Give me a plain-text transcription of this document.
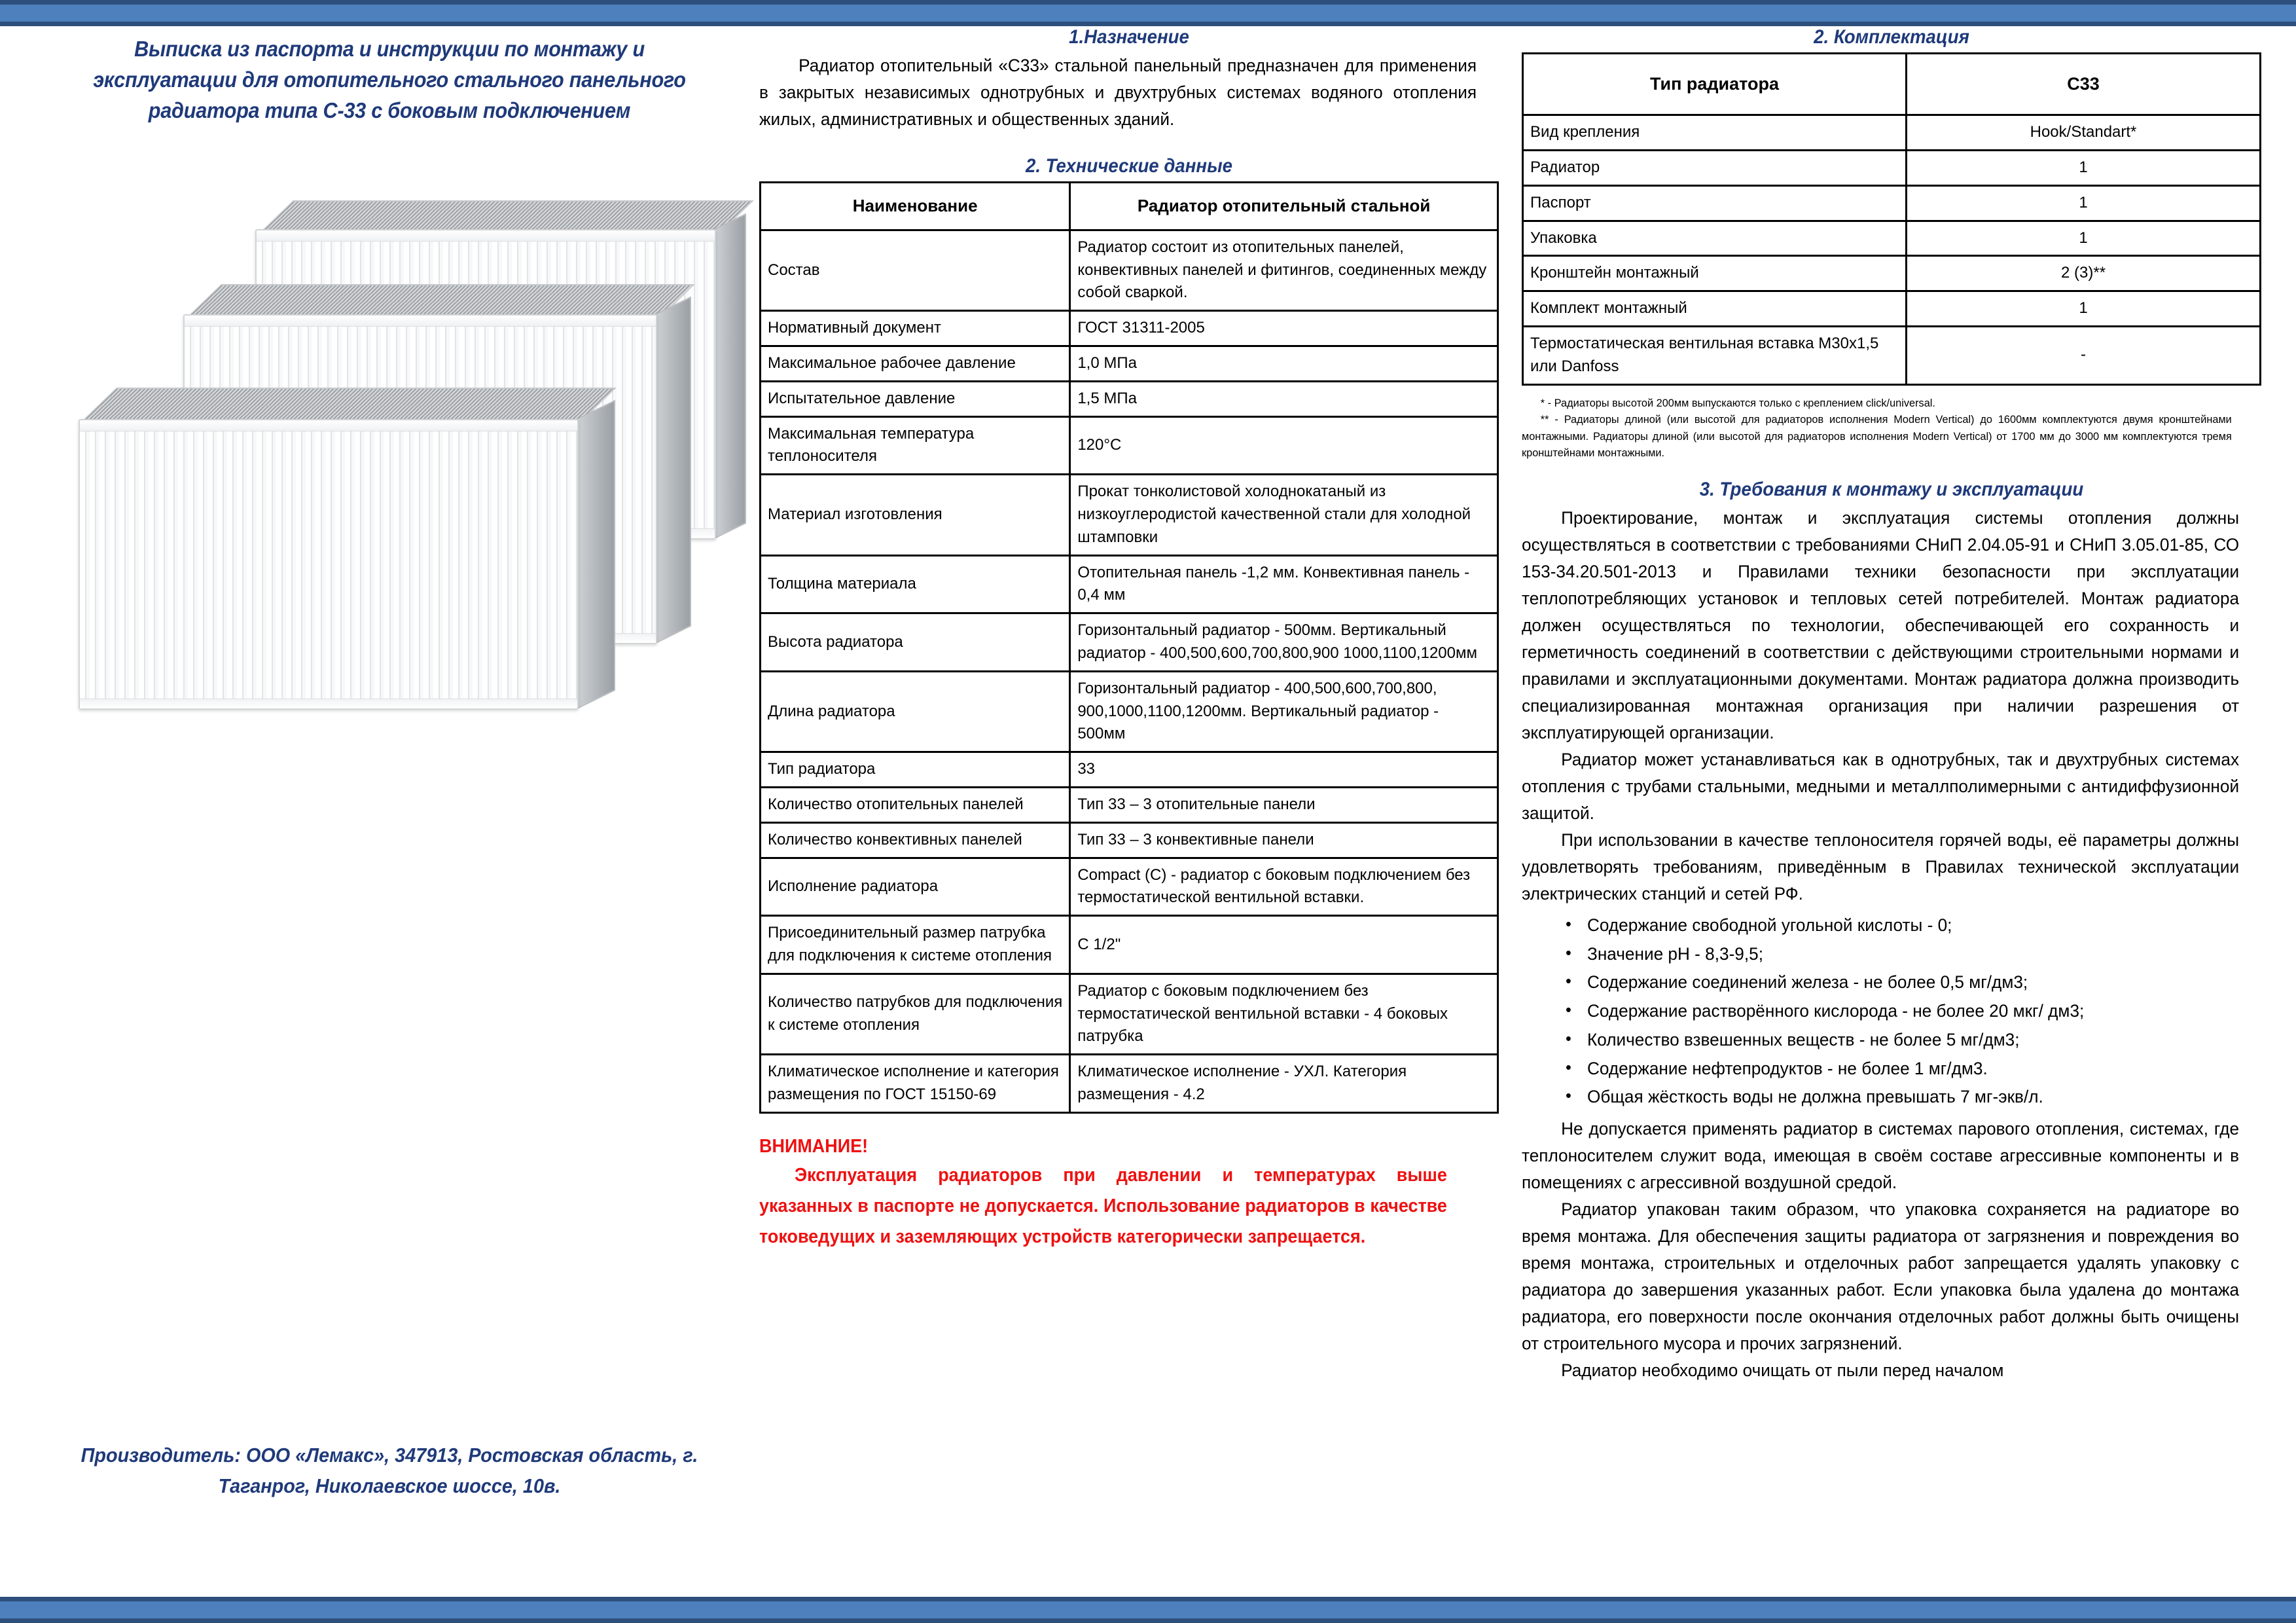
Выписка из паспорта и инструкции по монтажу и эксплуатации для отопительного стального панельного радиатора типа С-33 с боковым подключением
Производитель: ООО «Лемакс», 347913, Ростовская область, г. Таганрог, Николаевское шоссе, 10в.
1.Назначение

Радиатор отопительный «С33» стальной панельный предназначен для применения в закрытых независимых однотрубных и двухтрубных системах водяного отопления жилых, административных и общественных зданий.

2. Технические данные
Наименование	Радиатор отопительный стальной
Состав	Радиатор состоит из отопительных панелей, конвективных панелей и фитингов, соединенных между собой сваркой.
Нормативный документ	ГОСТ 31311-2005
Максимальное рабочее давление	1,0 МПа
Испытательное давление	1,5 МПа
Максимальная температура теплоносителя	120°С
Материал изготовления	Прокат тонколистовой холоднокатаный из низкоуглеродистой качественной стали для холодной штамповки
Толщина материала	Отопительная панель -1,2 мм. Конвективная панель - 0,4 мм
Высота радиатора	Горизонтальный радиатор - 500мм. Вертикальный радиатор - 400,500,600,700,800,900 1000,1100,1200мм
Длина радиатора	Горизонтальный радиатор - 400,500,600,700,800, 900,1000,1100,1200мм. Вертикальный радиатор - 500мм
Тип радиатора	33
Количество отопительных панелей	Тип 33 – 3 отопительные панели
Количество конвективных панелей	Тип 33 – 3 конвективные панели
Исполнение радиатора	Compact (C) - радиатор с боковым подключением без термостатической вентильной вставки.
Присоединительный размер патрубка для подключения к системе отопления	С 1/2"
Количество патрубков для подключения к системе отопления	Радиатор с боковым подключением без термостатической вентильной вставки - 4 боковых патрубка
Климатическое исполнение и категория размещения по ГОСТ 15150-69	Климатическое исполнение - УХЛ. Категория размещения - 4.2

ВНИМАНИЕ!

Эксплуатация радиаторов при давлении и температурах выше указанных в паспорте не допускается. Использование радиаторов в качестве токоведущих и заземляющих устройств категорически запрещается.

2. Комплектация
Тип радиатора	С33
Вид крепления	Hook/Standart*
Радиатор	1
Паспорт	1
Упаковка	1
Кронштейн монтажный	2 (3)**
Комплект монтажный	1
Термостатическая вентильная вставка М30х1,5 или Danfoss	-

* - Радиаторы высотой 200мм выпускаются только с креплением click/universal.

** - Радиаторы длиной (или высотой для радиаторов исполнения Modern Vertical) до 1600мм комплектуются двумя кронштейнами монтажными. Радиаторы длиной (или высотой для радиаторов исполнения Modern Vertical) от 1700 мм до 3000 мм комплектуются тремя кронштейнами монтажными.

3. Требования к монтажу и эксплуатации

Проектирование, монтаж и эксплуатация системы отопления должны осуществляться в соответствии с требованиями СНиП 2.04.05-91 и СНиП 3.05.01-85, СО 153-34.20.501-2013 и Правилами техники безопасности при эксплуатации теплопотребляющих установок и тепловых сетей потребителей. Монтаж радиатора должен осуществляться по технологии, обеспечивающей его сохранность и герметичность соединений в соответствии с действующими строительными нормами и правилами и эксплуатационными документами. Монтаж радиатора должна производить специализированная монтажная организация при наличии разрешения от эксплуатирующей организации.

Радиатор может устанавливаться как в однотрубных, так и двухтрубных системах отопления с трубами стальными, медными и металлполимерными с антидиффузионной защитой.

При использовании в качестве теплоносителя горячей воды, её параметры должны удовлетворять требованиям, приведённым в Правилах технической эксплуатации электрических станций и сетей РФ.

• Содержание свободной угольной кислоты - 0;
• Значение рН - 8,3-9,5;
• Содержание соединений железа - не более 0,5 мг/дм3;
• Содержание растворённого кислорода - не более 20 мкг/ дм3;
• Количество взвешенных веществ - не более 5 мг/дм3;
• Содержание нефтепродуктов - не более 1 мг/дм3.
• Общая жёсткость воды не должна превышать 7 мг-экв/л.

Не допускается применять радиатор в системах парового отопления, системах, где теплоносителем служит вода, имеющая в своём составе агрессивные компоненты и в помещениях с агрессивной воздушной средой.

Радиатор упакован таким образом, что упаковка сохраняется на радиаторе во время монтажа. Для обеспечения защиты радиатора от загрязнения и повреждения во время монтажа, строительных и отделочных работ запрещается удалять упаковку с радиатора до завершения указанных работ. Если упаковка была удалена до монтажа радиатора, его поверхности после окончания отделочных работ должны быть очищены от строительного мусора и прочих загрязнений.

Радиатор необходимо очищать от пыли перед началом
